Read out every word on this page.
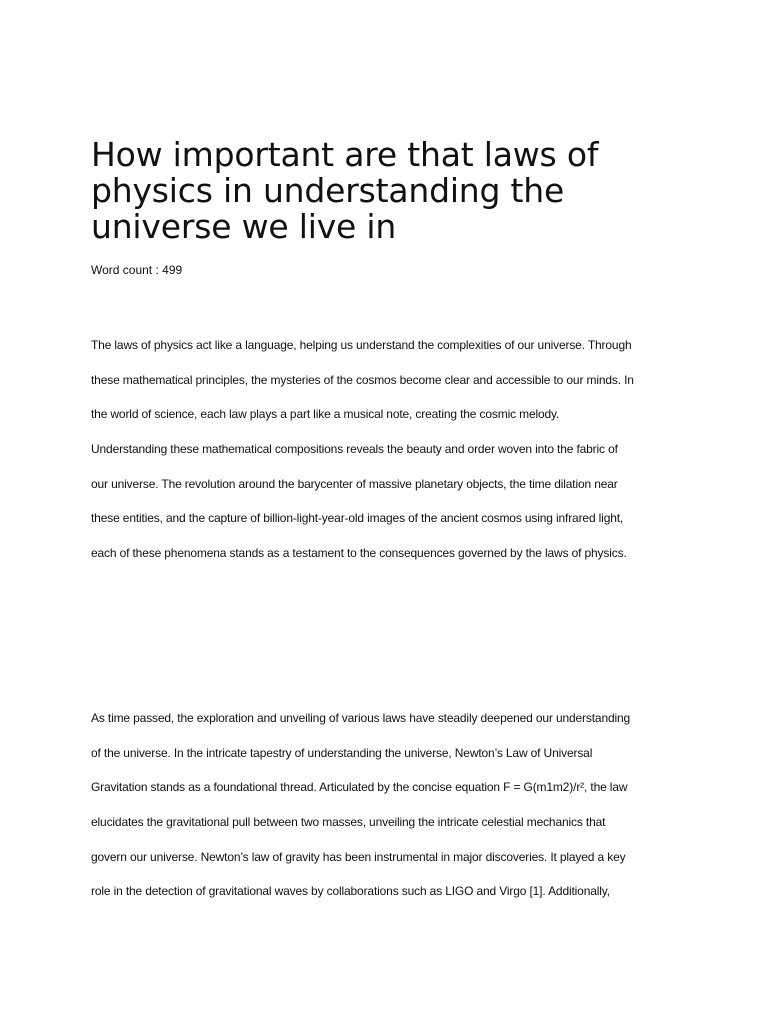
How important are that laws of physics in understanding the universe we live in
Word count : 499
The laws of physics act like a language, helping us understand the complexities of our universe. Through
these mathematical principles, the mysteries of the cosmos become clear and accessible to our minds. In
the world of science, each law plays a part like a musical note, creating the cosmic melody.
Understanding these mathematical compositions reveals the beauty and order woven into the fabric of
our universe. The revolution around the barycenter of massive planetary objects, the time dilation near
these entities, and the capture of billion-light-year-old images of the ancient cosmos using infrared light,
each of these phenomena stands as a testament to the consequences governed by the laws of physics.
As time passed, the exploration and unveiling of various laws have steadily deepened our understanding
of the universe. In the intricate tapestry of understanding the universe, Newton’s Law of Universal
Gravitation stands as a foundational thread. Articulated by the concise equation F = G(m1m2)/r², the law
elucidates the gravitational pull between two masses, unveiling the intricate celestial mechanics that
govern our universe. Newton’s law of gravity has been instrumental in major discoveries. It played a key
role in the detection of gravitational waves by collaborations such as LIGO and Virgo [1]. Additionally,
